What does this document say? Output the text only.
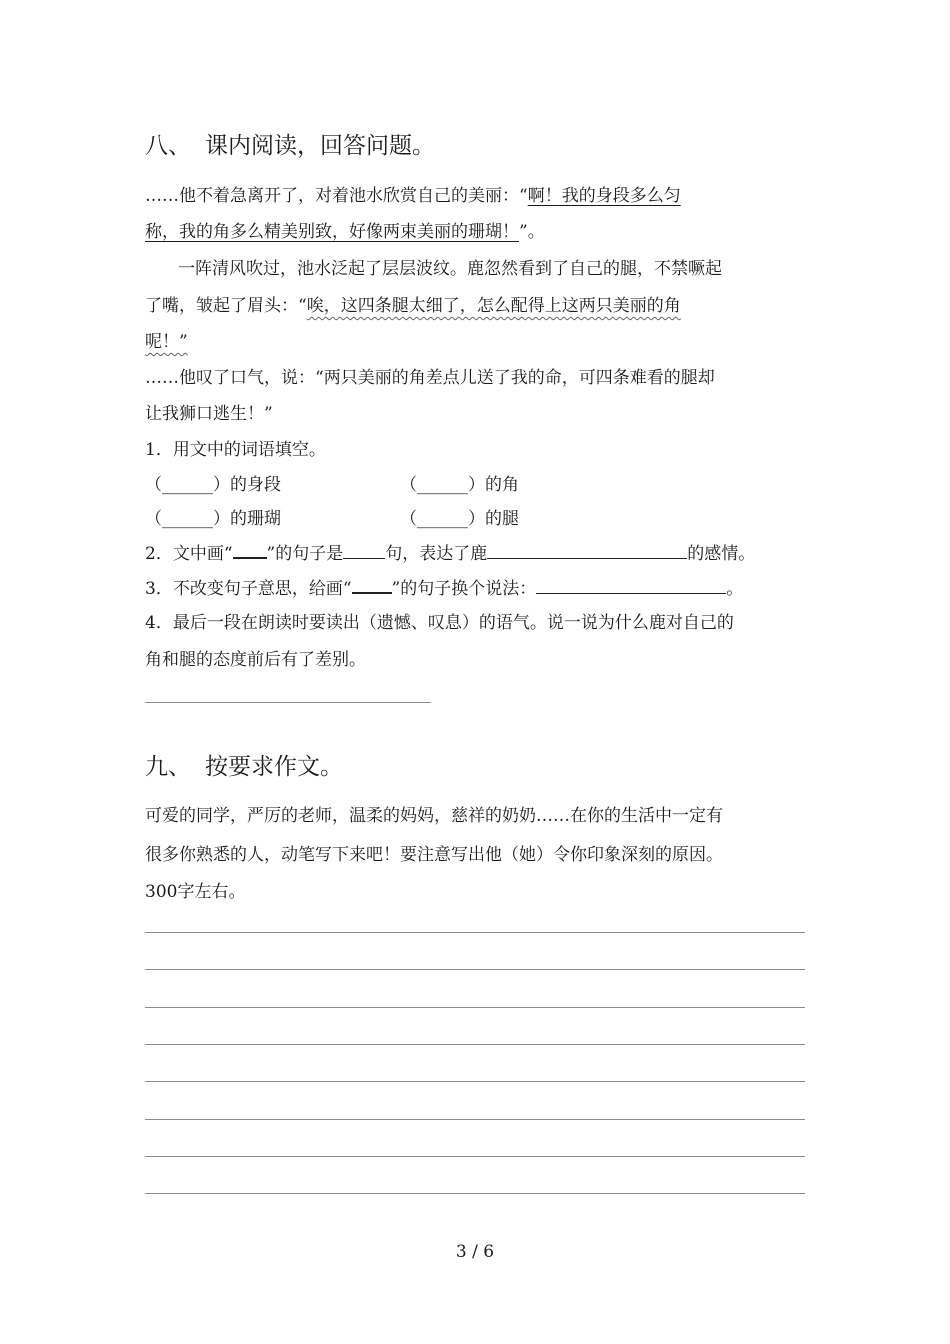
八、 课内阅读，回答问题。
……他不着急离开了，对着池水欣赏自己的美丽：“啊！我的身段多么匀
称，我的角多么精美别致，好像两束美丽的珊瑚！”。
一阵清风吹过，池水泛起了层层波纹。鹿忽然看到了自己的腿，不禁噘起
了嘴，皱起了眉头：“唉，这四条腿太细了，怎么配得上这两只美丽的角
呢！”
……他叹了口气，说：“两只美丽的角差点儿送了我的命，可四条难看的腿却
让我狮口逃生！”
1．用文中的词语填空。
（______）的身段	（______）的角
（______）的珊瑚	（______）的腿
2．文中画“ ”的句子是 句，表达了鹿	的感情。
3．不改变句子意思，给画“ ”的句子换个说法：	。
4．最后一段在朗读时要读出（遗憾、叹息）的语气。说一说为什么鹿对自己的
角和腿的态度前后有了差别。
九、 按要求作文。
可爱的同学，严厉的老师，温柔的妈妈，慈祥的奶奶……在你的生活中一定有
很多你熟悉的人，动笔写下来吧！要注意写出他（她）令你印象深刻的原因。
300字左右。
3 / 6
